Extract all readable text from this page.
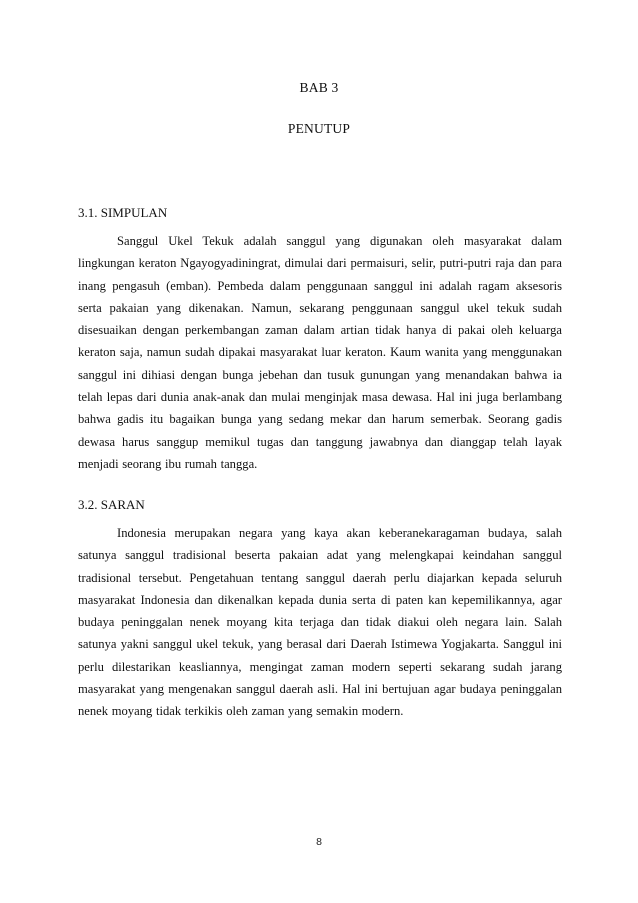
BAB 3
PENUTUP
3.1. SIMPULAN

Sanggul Ukel Tekuk adalah sanggul yang digunakan oleh masyarakat dalam lingkungan keraton Ngayogyadiningrat, dimulai dari permaisuri, selir, putri-putri raja dan para inang pengasuh (emban). Pembeda dalam penggunaan sanggul ini adalah ragam aksesoris serta pakaian yang dikenakan. Namun, sekarang penggunaan sanggul ukel tekuk sudah disesuaikan dengan perkembangan zaman dalam artian tidak hanya di pakai oleh keluarga keraton saja, namun sudah dipakai masyarakat luar keraton. Kaum wanita yang menggunakan sanggul ini dihiasi dengan bunga jebehan dan tusuk gunungan yang menandakan bahwa ia telah lepas dari dunia anak-anak dan mulai menginjak masa dewasa. Hal ini juga berlambang bahwa gadis itu bagaikan bunga yang sedang mekar dan harum semerbak. Seorang gadis dewasa harus sanggup memikul tugas dan tanggung jawabnya dan dianggap telah layak menjadi seorang ibu rumah tangga.

3.2. SARAN

Indonesia merupakan negara yang kaya akan keberanekaragaman budaya, salah satunya sanggul tradisional beserta pakaian adat yang melengkapai keindahan sanggul tradisional tersebut. Pengetahuan tentang sanggul daerah perlu diajarkan kepada seluruh masyarakat Indonesia dan dikenalkan kepada dunia serta di paten kan kepemilikannya, agar budaya peninggalan nenek moyang kita terjaga dan tidak diakui oleh negara lain. Salah satunya yakni sanggul ukel tekuk, yang berasal dari Daerah Istimewa Yogjakarta. Sanggul ini perlu dilestarikan keasliannya, mengingat zaman modern seperti sekarang sudah jarang masyarakat yang mengenakan sanggul daerah asli. Hal ini bertujuan agar budaya peninggalan nenek moyang tidak terkikis oleh zaman yang semakin modern.

8
